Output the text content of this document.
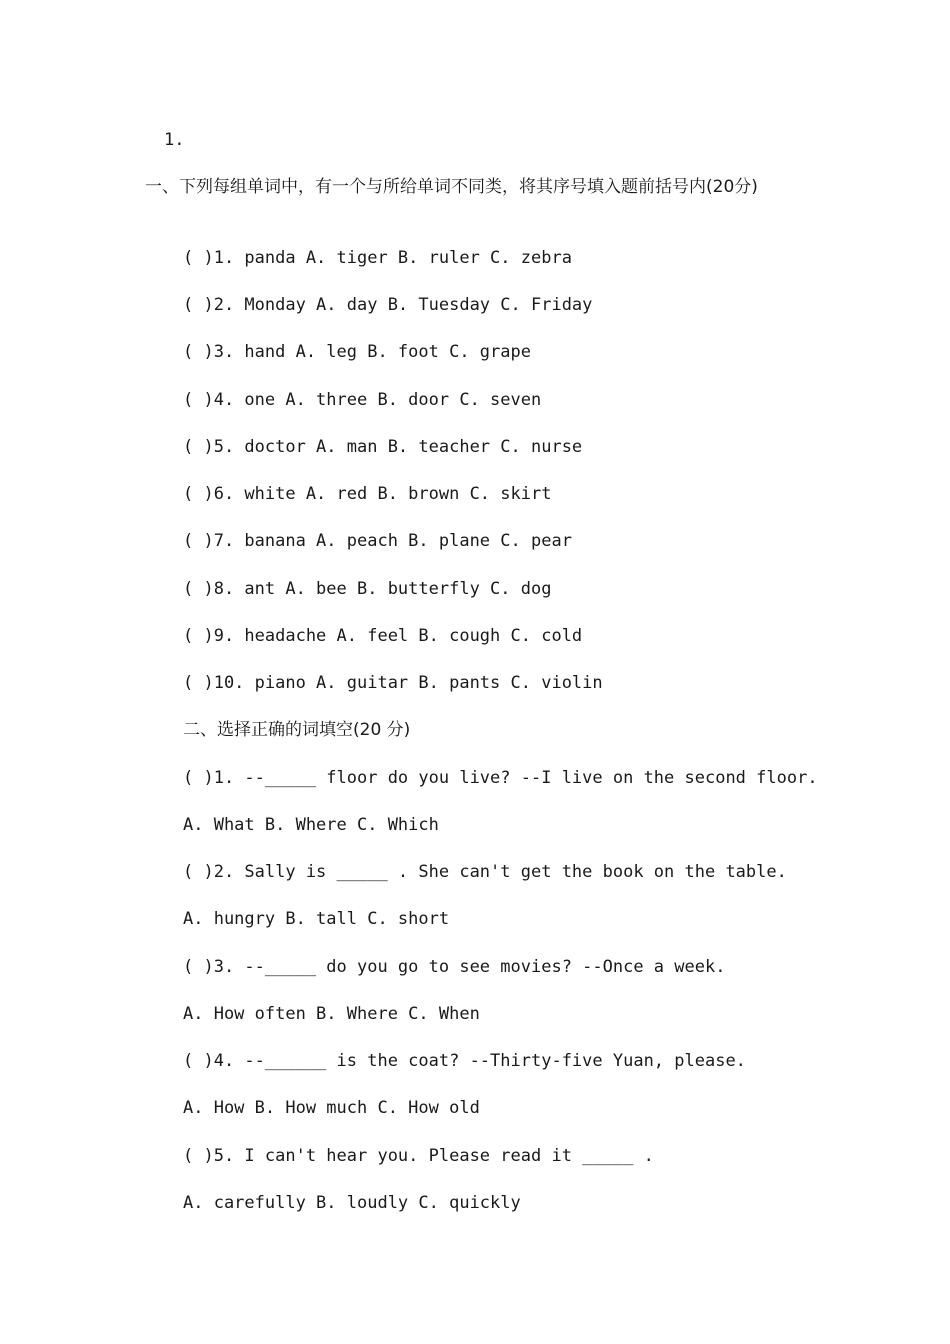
1.
一、下列每组单词中，有一个与所给单词不同类，将其序号填入题前括号内(20分)
( )1. panda A. tiger B. ruler C. zebra
( )2. Monday A. day B. Tuesday C. Friday
( )3. hand A. leg B. foot C. grape
( )4. one A. three B. door C. seven
( )5. doctor A. man B. teacher C. nurse
( )6. white A. red B. brown C. skirt
( )7. banana A. peach B. plane C. pear
( )8. ant A. bee B. butterfly C. dog
( )9. headache A. feel B. cough C. cold
( )10. piano A. guitar B. pants C. violin
二、选择正确的词填空(20 分)
( )1. --_____ floor do you live? --I live on the second floor.
A. What B. Where C. Which
( )2. Sally is _____ . She can't get the book on the table.
A. hungry B. tall C. short
( )3. --_____ do you go to see movies? --Once a week.
A. How often B. Where C. When
( )4. --______ is the coat? --Thirty-five Yuan, please.
A. How B. How much C. How old
( )5. I can't hear you. Please read it _____ .
A. carefully B. loudly C. quickly
